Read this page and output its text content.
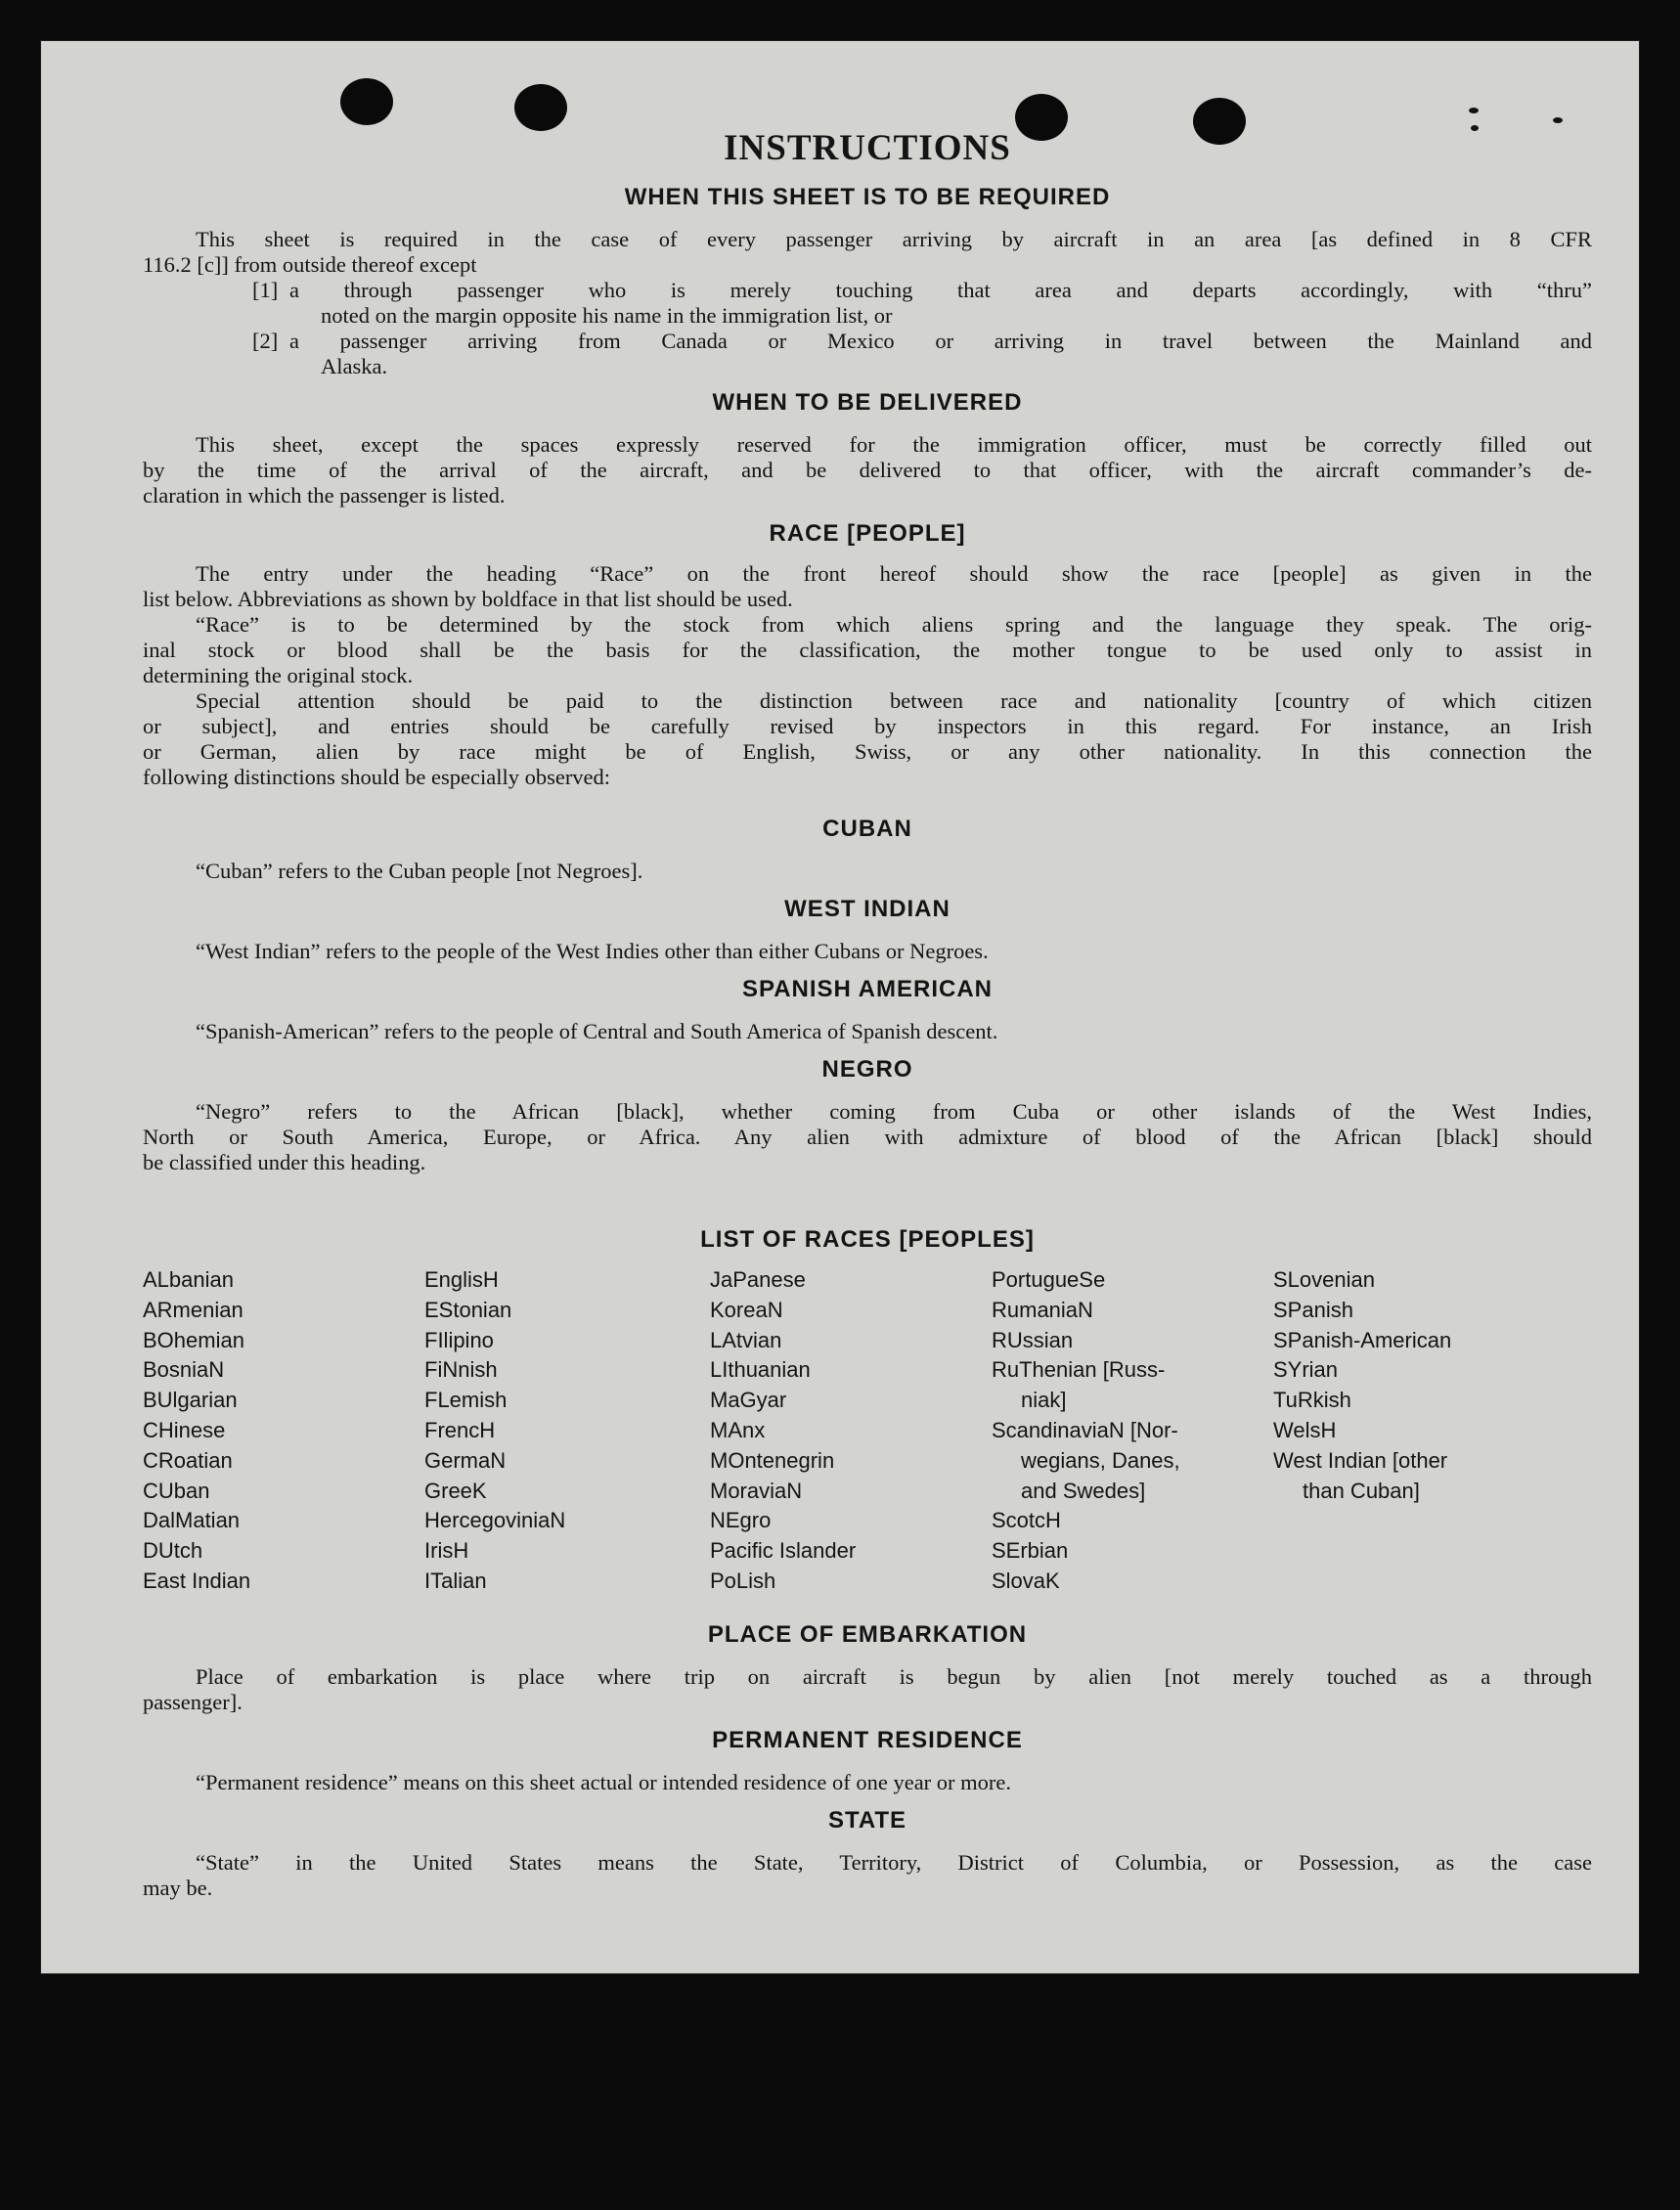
INSTRUCTIONS
WHEN THIS SHEET IS TO BE REQUIRED
This sheet is required in the case of every passenger arriving by aircraft in an area [as defined in 8 CFR
116.2 [c]] from outside thereof except
[1] a through passenger who is merely touching that area and departs accordingly, with “thru”
noted on the margin opposite his name in the immigration list, or
[2] a passenger arriving from Canada or Mexico or arriving in travel between the Mainland and
Alaska.
WHEN TO BE DELIVERED
This sheet, except the spaces expressly reserved for the immigration officer, must be correctly filled out
by the time of the arrival of the aircraft, and be delivered to that officer, with the aircraft commander’s de-
claration in which the passenger is listed.
RACE [PEOPLE]
The entry under the heading “Race” on the front hereof should show the race [people] as given in the
list below. Abbreviations as shown by boldface in that list should be used.
“Race” is to be determined by the stock from which aliens spring and the language they speak. The orig-
inal stock or blood shall be the basis for the classification, the mother tongue to be used only to assist in
determining the original stock.
Special attention should be paid to the distinction between race and nationality [country of which citizen
or subject], and entries should be carefully revised by inspectors in this regard. For instance, an Irish
or German, alien by race might be of English, Swiss, or any other nationality. In this connection the
following distinctions should be especially observed:
CUBAN
“Cuban” refers to the Cuban people [not Negroes].
WEST INDIAN
“West Indian” refers to the people of the West Indies other than either Cubans or Negroes.
SPANISH AMERICAN
“Spanish-American” refers to the people of Central and South America of Spanish descent.
NEGRO
“Negro” refers to the African [black], whether coming from Cuba or other islands of the West Indies,
North or South America, Europe, or Africa. Any alien with admixture of blood of the African [black] should
be classified under this heading.
LIST OF RACES [PEOPLES]
ALbanian
ARmenian
BOhemian
BosniaN
BUlgarian
CHinese
CRoatian
CUban
DalMatian
DUtch
East Indian
EnglisH
EStonian
FIlipino
FiNnish
FLemish
FrencH
GermaN
GreeK
HercegoviniaN
IrisH
ITalian
JaPanese
KoreaN
LAtvian
LIthuanian
MaGyar
MAnx
MOntenegrin
MoraviaN
NEgro
Pacific Islander
PoLish
PortugueSe
RumaniaN
RUssian
RuThenian [Russ-
niak]
ScandinaviaN [Nor-
wegians, Danes,
and Swedes]
ScotcH
SErbian
SlovaK
SLovenian
SPanish
SPanish-American
SYrian
TuRkish
WelsH
West Indian [other
than Cuban]
PLACE OF EMBARKATION
Place of embarkation is place where trip on aircraft is begun by alien [not merely touched as a through
passenger].
PERMANENT RESIDENCE
“Permanent residence” means on this sheet actual or intended residence of one year or more.
STATE
“State” in the United States means the State, Territory, District of Columbia, or Possession, as the case
may be.
